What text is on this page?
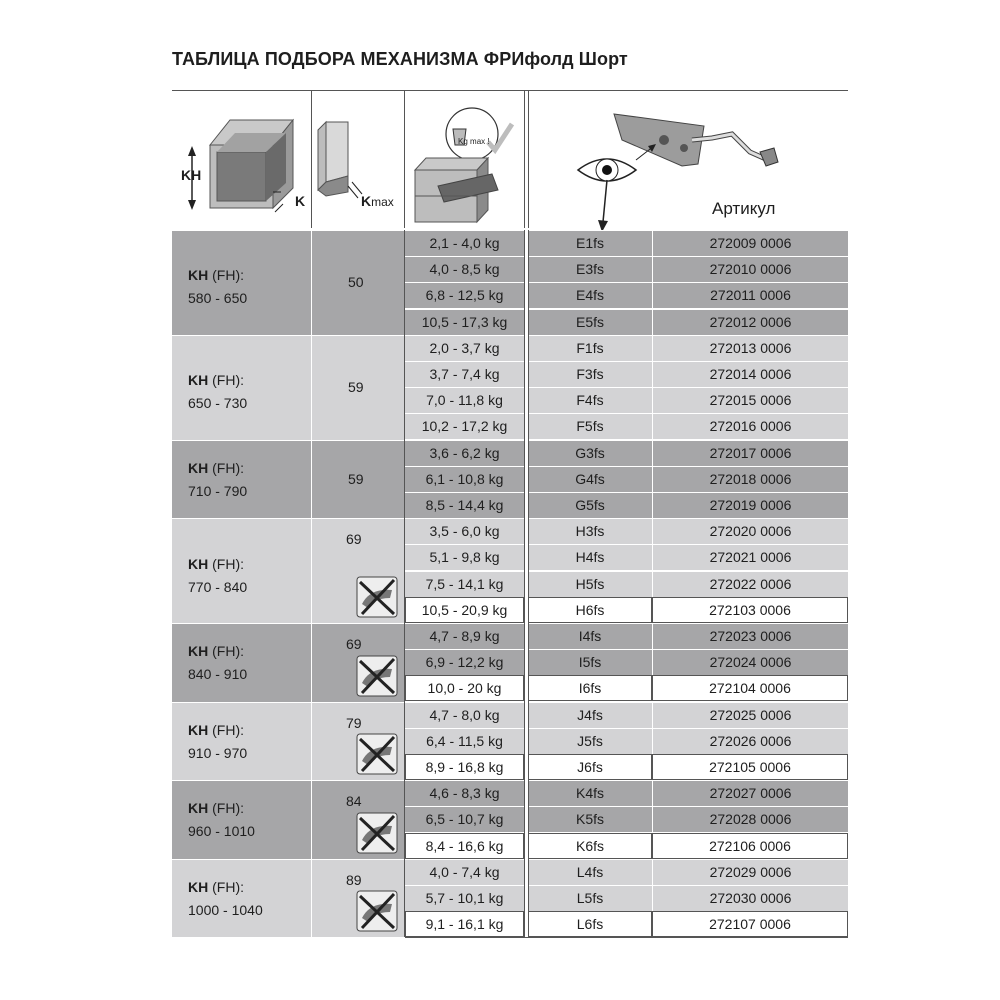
ТАБЛИЦА ПОДБОРА МЕХАНИЗМА ФРИфолд Шорт
KH
K	Kmax
Kg max !
Артикул
KH (FH):
580 - 650
50
2,1 - 4,0 kg	E1fs	272009 0006
4,0 - 8,5 kg	E3fs	272010 0006
6,8 - 12,5 kg	E4fs	272011 0006
10,5 - 17,3 kg	E5fs	272012 0006
KH (FH):
650 - 730
59
2,0 - 3,7 kg	F1fs	272013 0006
3,7 - 7,4 kg	F3fs	272014 0006
7,0 - 11,8 kg	F4fs	272015 0006
10,2 - 17,2 kg	F5fs	272016 0006
KH (FH):
710 - 790
59
3,6 - 6,2 kg	G3fs	272017 0006
6,1 - 10,8 kg	G4fs	272018 0006
8,5 - 14,4 kg	G5fs	272019 0006
KH (FH):
770 - 840
69	3,5 - 6,0 kg	H3fs	272020 0006
5,1 - 9,8 kg	H4fs	272021 0006
7,5 - 14,1 kg	H5fs	272022 0006
10,5 - 20,9 kg	H6fs	272103 0006
KH (FH):
840 - 910
69	4,7 - 8,9 kg	I4fs	272023 0006
6,9 - 12,2 kg	I5fs	272024 0006
10,0 - 20 kg	I6fs	272104 0006
KH (FH):
910 - 970
79	4,7 - 8,0 kg	J4fs	272025 0006
6,4 - 11,5 kg	J5fs	272026 0006
8,9 - 16,8 kg	J6fs	272105 0006
KH (FH):
960 - 1010
84	4,6 - 8,3 kg	K4fs	272027 0006
6,5 - 10,7 kg	K5fs	272028 0006
8,4 - 16,6 kg	K6fs	272106 0006
KH (FH):
1000 - 1040
89	4,0 - 7,4 kg	L4fs	272029 0006
5,7 - 10,1 kg	L5fs	272030 0006
9,1 - 16,1 kg	L6fs	272107 0006
